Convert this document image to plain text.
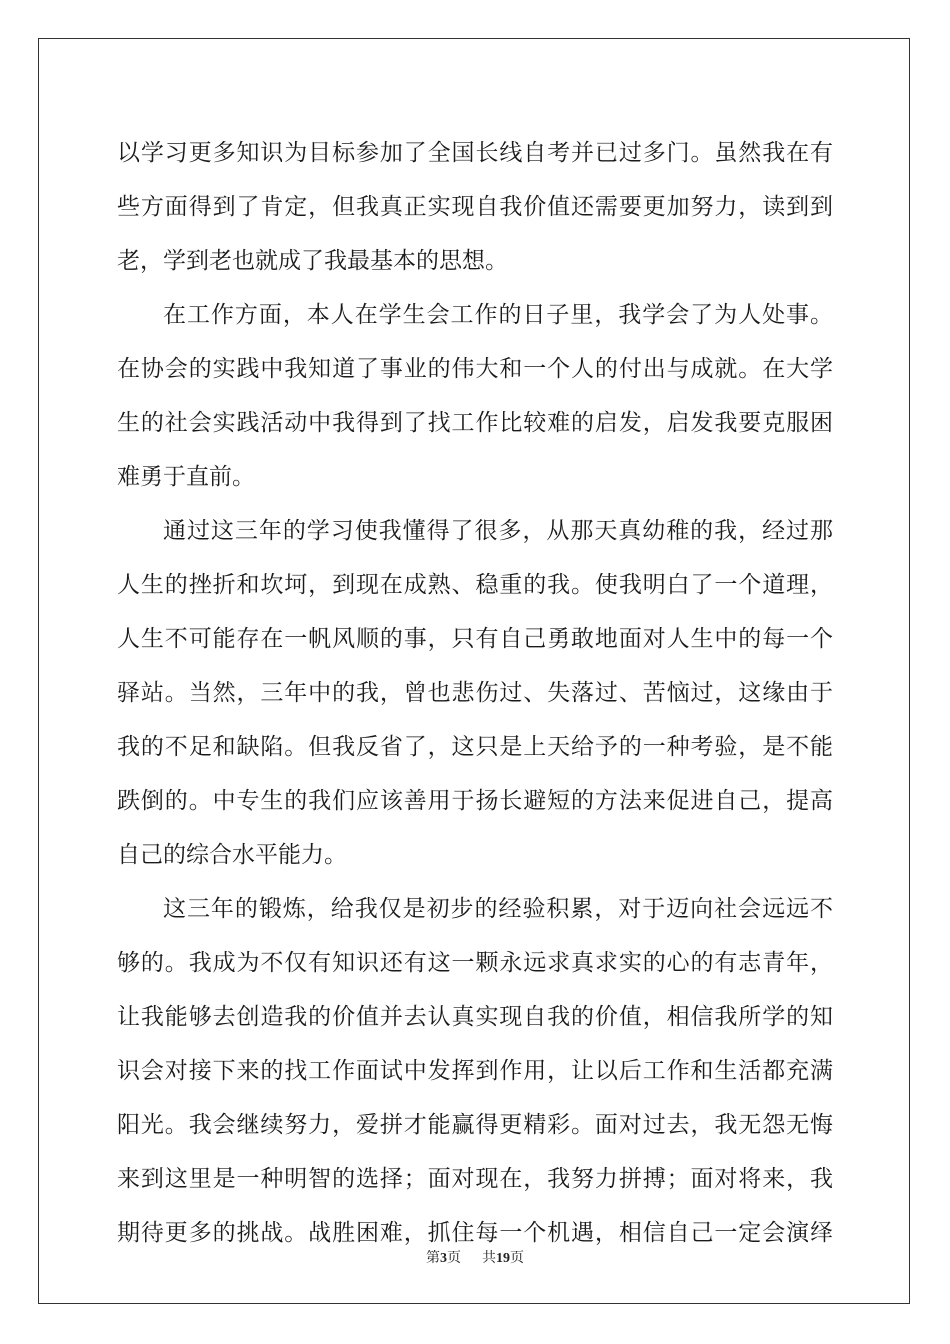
以学习更多知识为目标参加了全国长线自考并已过多门。虽然我在有
些方面得到了肯定，但我真正实现自我价值还需要更加努力，读到到
老，学到老也就成了我最基本的思想。
在工作方面，本人在学生会工作的日子里，我学会了为人处事。
在协会的实践中我知道了事业的伟大和一个人的付出与成就。在大学
生的社会实践活动中我得到了找工作比较难的启发，启发我要克服困
难勇于直前。
通过这三年的学习使我懂得了很多，从那天真幼稚的我，经过那
人生的挫折和坎坷，到现在成熟、稳重的我。使我明白了一个道理，
人生不可能存在一帆风顺的事，只有自己勇敢地面对人生中的每一个
驿站。当然，三年中的我，曾也悲伤过、失落过、苦恼过，这缘由于
我的不足和缺陷。但我反省了，这只是上天给予的一种考验，是不能
跌倒的。中专生的我们应该善用于扬长避短的方法来促进自己，提高
自己的综合水平能力。
这三年的锻炼，给我仅是初步的经验积累，对于迈向社会远远不
够的。我成为不仅有知识还有这一颗永远求真求实的心的有志青年，
让我能够去创造我的价值并去认真实现自我的价值，相信我所学的知
识会对接下来的找工作面试中发挥到作用，让以后工作和生活都充满
阳光。我会继续努力，爱拼才能赢得更精彩。面对过去，我无怨无悔
来到这里是一种明智的选择；面对现在，我努力拼搏；面对将来，我
期待更多的挑战。战胜困难，抓住每一个机遇，相信自己一定会演绎
第3页 共19页
